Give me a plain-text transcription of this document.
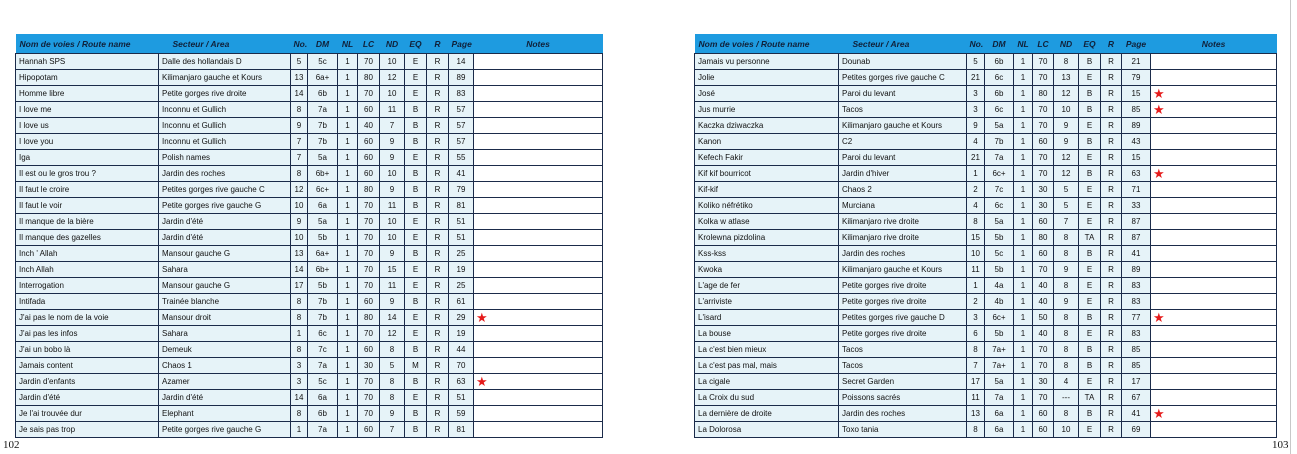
Nom de voies / Route name	Secteur / Area	No.	DM	NL	LC	ND	EQ	R	Page	Notes
Hannah SPS	Dalle des hollandais D	5	5c	1	70	10	E	R	14	
Hipopotam	Kilimanjaro gauche et Kours	13	6a+	1	80	12	E	R	89	
Homme libre	Petite gorges rive droite	14	6b	1	70	10	E	R	83	
I love me	Inconnu et Gullich	8	7a	1	60	11	B	R	57	
I love us	Inconnu et Gullich	9	7b	1	40	7	B	R	57	
I love you	Inconnu et Gullich	7	7b	1	60	9	B	R	57	
Iga	Polish names	7	5a	1	60	9	E	R	55	
Il est ou le gros trou ?	Jardin des roches	8	6b+	1	60	10	B	R	41	
Il faut le croire	Petites gorges rive gauche C	12	6c+	1	80	9	B	R	79	
Il faut le voir	Petite gorges rive gauche G	10	6a	1	70	11	B	R	81	
Il manque de la bière	Jardin d'été	9	5a	1	70	10	E	R	51	
Il manque des gazelles	Jardin d'été	10	5b	1	70	10	E	R	51	
Inch ' Allah	Mansour gauche G	13	6a+	1	70	9	B	R	25	
Inch Allah	Sahara	14	6b+	1	70	15	E	R	19	
Interrogation	Mansour gauche G	17	5b	1	70	11	E	R	25	
Intifada	Trainée blanche	8	7b	1	60	9	B	R	61	
J'ai pas le nom de la voie	Mansour droit	8	7b	1	80	14	E	R	29	★
J'ai pas les infos	Sahara	1	6c	1	70	12	E	R	19	
J'ai un bobo là	Demeuk	8	7c	1	60	8	B	R	44	
Jamais content	Chaos 1	3	7a	1	30	5	M	R	70	
Jardin d'enfants	Azamer	3	5c	1	70	8	B	R	63	★
Jardin d'été	Jardin d'été	14	6a	1	70	8	E	R	51	
Je l'ai trouvée dur	Elephant	8	6b	1	70	9	B	R	59	
Je sais pas trop	Petite gorges rive gauche G	1	7a	1	60	7	B	R	81	
Nom de voies / Route name	Secteur / Area	No.	DM	NL	LC	ND	EQ	R	Page	Notes
Jamais vu personne	Dounab	5	6b	1	70	8	B	R	21	
Jolie	Petites gorges rive gauche C	21	6c	1	70	13	E	R	79	
José	Paroi du levant	3	6b	1	80	12	B	R	15	★
Jus murrie	Tacos	3	6c	1	70	10	B	R	85	★
Kaczka dziwaczka	Kilimanjaro gauche et Kours	9	5a	1	70	9	E	R	89	
Kanon	C2	4	7b	1	60	9	B	R	43	
Kefech Fakir	Paroi du levant	21	7a	1	70	12	E	R	15	
Kif kif bourricot	Jardin d'hiver	1	6c+	1	70	12	B	R	63	★
Kif-kif	Chaos 2	2	7c	1	30	5	E	R	71	
Koliko néfrétiko	Murciana	4	6c	1	30	5	E	R	33	
Kolka w atlase	Kilimanjaro rive droite	8	5a	1	60	7	E	R	87	
Krolewna pizdolina	Kilimanjaro rive droite	15	5b	1	80	8	TA	R	87	
Kss-kss	Jardin des roches	10	5c	1	60	8	B	R	41	
Kwoka	Kilimanjaro gauche et Kours	11	5b	1	70	9	E	R	89	
L'age de fer	Petite gorges rive droite	1	4a	1	40	8	E	R	83	
L'arriviste	Petite gorges rive droite	2	4b	1	40	9	E	R	83	
L'isard	Petites gorges rive gauche D	3	6c+	1	50	8	B	R	77	★
La bouse	Petite gorges rive droite	6	5b	1	40	8	E	R	83	
La c'est bien mieux	Tacos	8	7a+	1	70	8	B	R	85	
La c'est pas mal, mais	Tacos	7	7a+	1	70	8	B	R	85	
La cigale	Secret Garden	17	5a	1	30	4	E	R	17	
La Croix du sud	Poissons sacrés	11	7a	1	70	---	TA	R	67	
La dernière de droite	Jardin des roches	13	6a	1	60	8	B	R	41	★
La Dolorosa	Toxo tania	8	6a	1	60	10	E	R	69	
102	103
